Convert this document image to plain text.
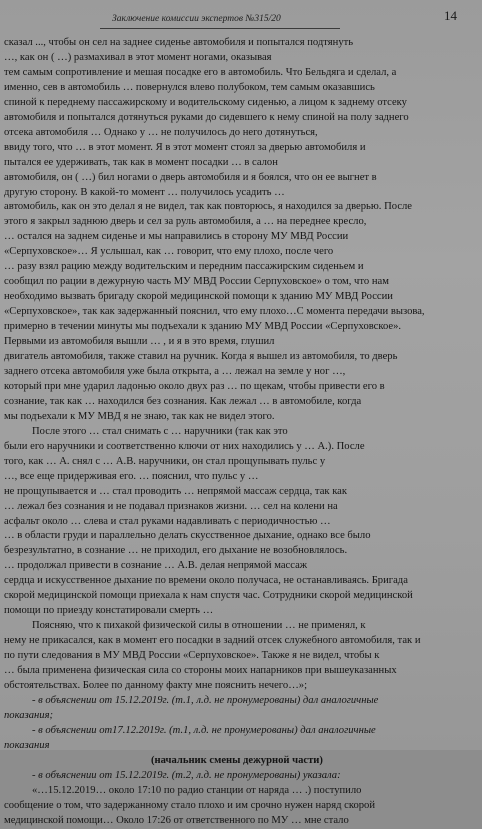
Заключение комиссии экспертов №315/20	14

сказал ..., чтобы он сел на заднее сиденье автомобиля и попытался подтянуть

…, как он ( …) размахивал в этот момент ногами, оказывая

тем самым сопротивление и мешая посадке его в автомобиль. Что Бельдяга и сделал, а

именно, сев в автомобиль … повернулся влево полубоком, тем самым оказавшись

спиной к переднему пассажирскому и водительскому сиденью, а лицом к заднему отсеку

автомобиля и попытался дотянуться руками до сидевшего к нему спиной на полу заднего

отсека автомобиля … Однако у … не получилось до него дотянуться,

ввиду того, что … в этот момент. Я в этот момент стоял за дверью автомобиля и

пытался ее удерживать, так как в момент посадки … в салон

автомобиля, он ( …) бил ногами о дверь автомобиля и я боялся, что он ее выгнет в

другую сторону. В какой-то момент … получилось усадить …

автомобиль, как он это делал я не видел, так как повторюсь, я находился за дверью. После

этого я закрыл заднюю дверь и сел за руль автомобиля, а … на переднее кресло,

… остался на заднем сиденье и мы направились в сторону МУ МВД России

«Серпуховское»… Я услышал, как … говорит, что ему плохо, после чего

… разу взял рацию между водительским и передним пассажирским сиденьем и

сообщил по рации в дежурную часть МУ МВД России Серпуховское» о том, что нам

необходимо вызвать бригаду скорой медицинской помощи к зданию МУ МВД России

«Серпуховское», так как задержанный пояснил, что ему плохо…С момента передачи вызова,

примерно в течении минуты мы подъехали к зданию МУ МВД России «Серпуховское».

Первыми из автомобиля вышли … , и я в это время, глушил

двигатель автомобиля, также ставил на ручник. Когда я вышел из автомобиля, то дверь

заднего отсека автомобиля уже была открыта, а … лежал на земле у ног …,

который при мне ударил ладонью около двух раз … по щекам, чтобы привести его в

сознание, так как … находился без сознания. Как лежал … в автомобиле, когда

мы подъехали к МУ МВД я не знаю, так как не видел этого.

После этого … стал снимать с … наручники (так как это

были его наручники и соответственно ключи от них находились у … А.). После

того, как … А. снял с … А.В. наручники, он стал прощупывать пульс у

…, все еще придерживая его. … пояснил, что пульс у …

не прощупывается и … стал проводить … непрямой массаж сердца, так как

… лежал без сознания и не подавал признаков жизни. … сел на колени на

асфальт около … слева и стал руками надавливать с периодичностью …

… в области груди и параллельно делать скусственное дыхание, однако все было

безрезультатно, в сознание … не приходил, его дыхание не возобновлялось.

… продолжал привести в сознание … А.В. делая непрямой массаж

сердца и искусственное дыхание по времени около получаса, не останавливаясь. Бригада

скорой медицинской помощи приехала к нам спустя час. Сотрудники скорой медицинской

помощи по приезду констатировали смерть …

Поясняю, что к пихакой физической силы в отношении … не применял, к

нему не прикасался, как в момент его посадки в задний отсек служебного автомобиля, так и

по пути следования в МУ МВД России «Серпуховское». Также я не видел, чтобы к

… была применена физическая сила со стороны моих напарников при вышеуказанных

обстоятельствах. Более по данному факту мне пояснить нечего…»;

- в объяснении от 15.12.2019г. (т.1, л.д. не пронумерованы) дал аналогичные

показания;

- в объяснении от17.12.2019г. (т.1, л.д. не пронумерованы) дал аналогичные

показания

(начальник смены дежурной части)

- в объяснении от 15.12.2019г. (т.2, л.д. не пронумерованы) указала:

«…15.12.2019… около 17:10 по радио станции от наряда … .) поступило

сообщение о том, что задержанному стало плохо и им срочно нужен наряд скорой

медицинской помощи… Около 17:26 от ответственного по МУ … мне стало
